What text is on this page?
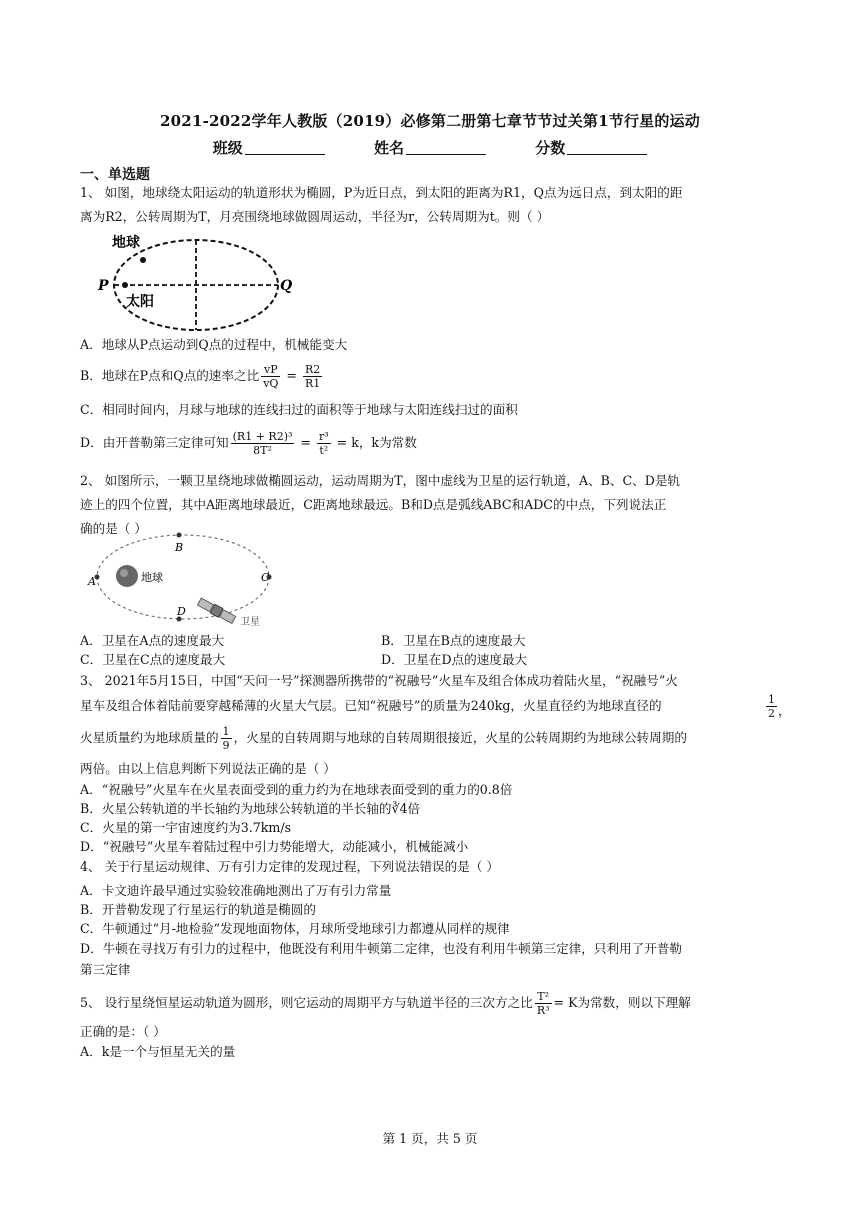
2021-2022学年人教版（2019）必修第二册第七章节节过关第1节行星的运动
班级	姓名	分数
一、单选题
1、 如图，地球绕太阳运动的轨道形状为椭圆，P为近日点，到太阳的距离为R1，Q点为远日点，到太阳的距
离为R2，公转周期为T，月亮围绕地球做圆周运动，半径为r，公转周期为t。则（ ）
地球
太阳
P	Q
A．地球从P点运动到Q点的过程中，机械能变大
B．地球在P点和Q点的速率之比 $\frac{vP}{vQ} = \frac{R2}{R1}$
C．相同时间内，月球与地球的连线扫过的面积等于地球与太阳连线扫过的面积
D．由开普勒第三定律可知 $\frac{\text{(R1 + R2)³}}{\text{8T²}} = \frac{\text{r³}}{\text{t²}} = k$，k为常数
2、 如图所示，一颗卫星绕地球做椭圆运动，运动周期为T，图中虚线为卫星的运行轨道，A、B、C、D是轨
迹上的四个位置，其中A距离地球最近，C距离地球最远。B和D点是弧线ABC和ADC的中点，下列说法正
确的是（ ）
A
B
C
D
地球
卫星
A．卫星在A点的速度最大	B．卫星在B点的速度最大
C．卫星在C点的速度最大	D．卫星在D点的速度最大
3、 2021年5月15日，中国“天问一号”探测器所携带的“祝融号”火星车及组合体成功着陆火星，“祝融号”火
星车及组合体着陆前要穿越稀薄的火星大气层。已知“祝融号”的质量为240kg，火星直径约为地球直径的	$\frac{1}{2}$ ，
火星质量约为地球质量的 $\frac{1}{9}$ ，火星的自转周期与地球的自转周期很接近，火星的公转周期约为地球公转周期的
两倍。由以上信息判断下列说法正确的是（ ）
A．“祝融号”火星车在火星表面受到的重力约为在地球表面受到的重力的0.8倍
B．火星公转轨道的半长轴约为地球公转轨道的半长轴的∛4倍
C．火星的第一宇宙速度约为3.7km/s
D．“祝融号”火星车着陆过程中引力势能增大，动能减小，机械能减小
4、 关于行星运动规律、万有引力定律的发现过程，下列说法错误的是（ ）
A．卡文迪许最早通过实验较准确地测出了万有引力常量
B．开普勒发现了行星运行的轨道是椭圆的
C．牛顿通过“月-地检验”发现地面物体，月球所受地球引力都遵从同样的规律
D．牛顿在寻找万有引力的过程中，他既没有利用牛顿第二定律，也没有利用牛顿第三定律，只利用了开普勒
第三定律
5、 设行星绕恒星运动轨道为圆形，则它运动的周期平方与轨道半径的三次方之比 $\frac{\text{T²}}{\text{R³}} = K$为常数，则以下理解
正确的是：（ ）
A．k是一个与恒星无关的量
第 1 页，共 5 页
